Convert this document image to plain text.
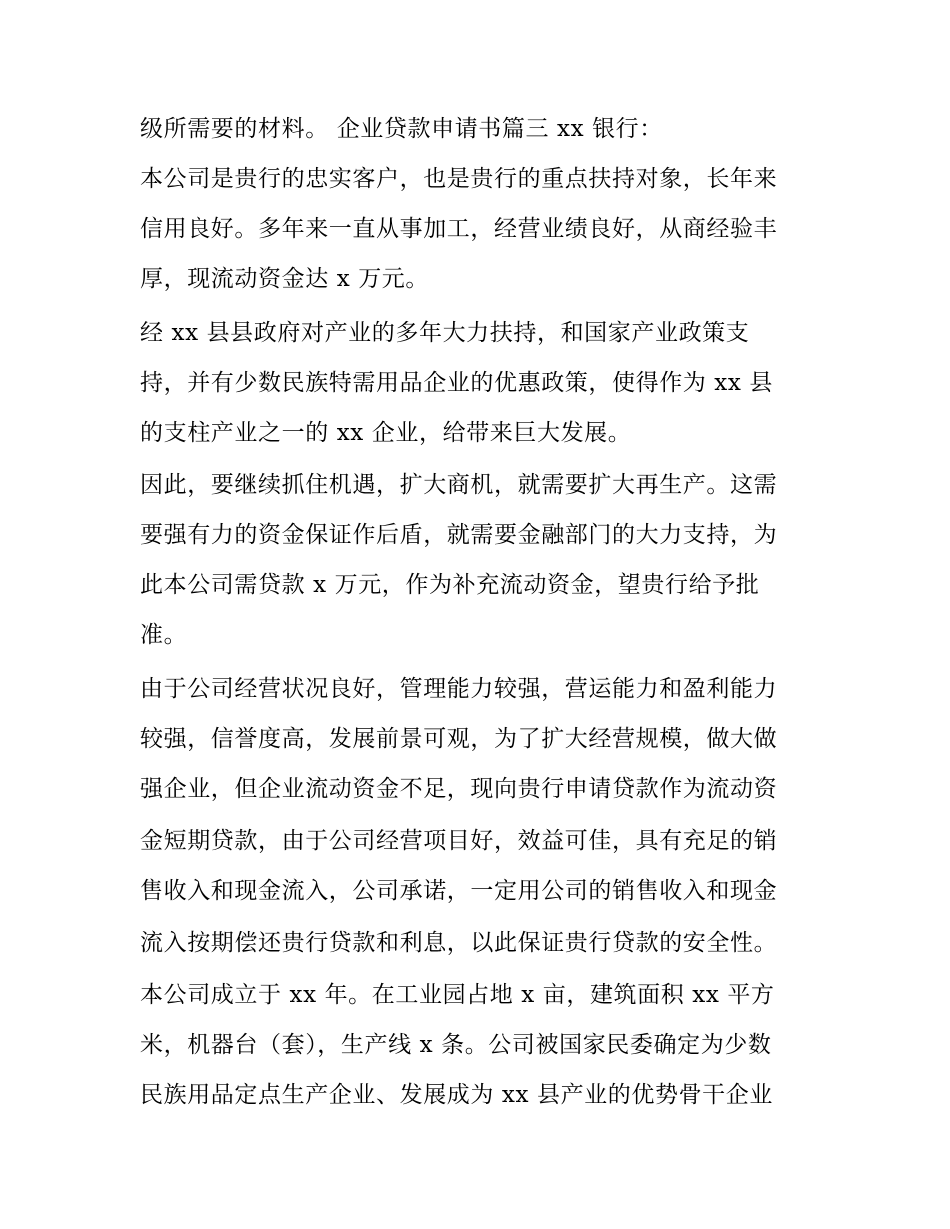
级所需要的材料。 企业贷款申请书篇三 xx 银行：
本公司是贵行的忠实客户，也是贵行的重点扶持对象，长年来
信用良好。多年来一直从事加工，经营业绩良好，从商经验丰
厚，现流动资金达 x 万元。
经 xx 县县政府对产业的多年大力扶持，和国家产业政策支
持，并有少数民族特需用品企业的优惠政策，使得作为 xx 县
的支柱产业之一的 xx 企业，给带来巨大发展。
因此，要继续抓住机遇，扩大商机，就需要扩大再生产。这需
要强有力的资金保证作后盾，就需要金融部门的大力支持，为
此本公司需贷款 x 万元，作为补充流动资金，望贵行给予批
准。
由于公司经营状况良好，管理能力较强，营运能力和盈利能力
较强，信誉度高，发展前景可观，为了扩大经营规模，做大做
强企业，但企业流动资金不足，现向贵行申请贷款作为流动资
金短期贷款，由于公司经营项目好，效益可佳，具有充足的销
售收入和现金流入，公司承诺，一定用公司的销售收入和现金
流入按期偿还贵行贷款和利息，以此保证贵行贷款的安全性。
本公司成立于 xx 年。在工业园占地 x 亩，建筑面积 xx 平方
米，机器台（套），生产线 x 条。公司被国家民委确定为少数
民族用品定点生产企业、发展成为 xx 县产业的优势骨干企业
